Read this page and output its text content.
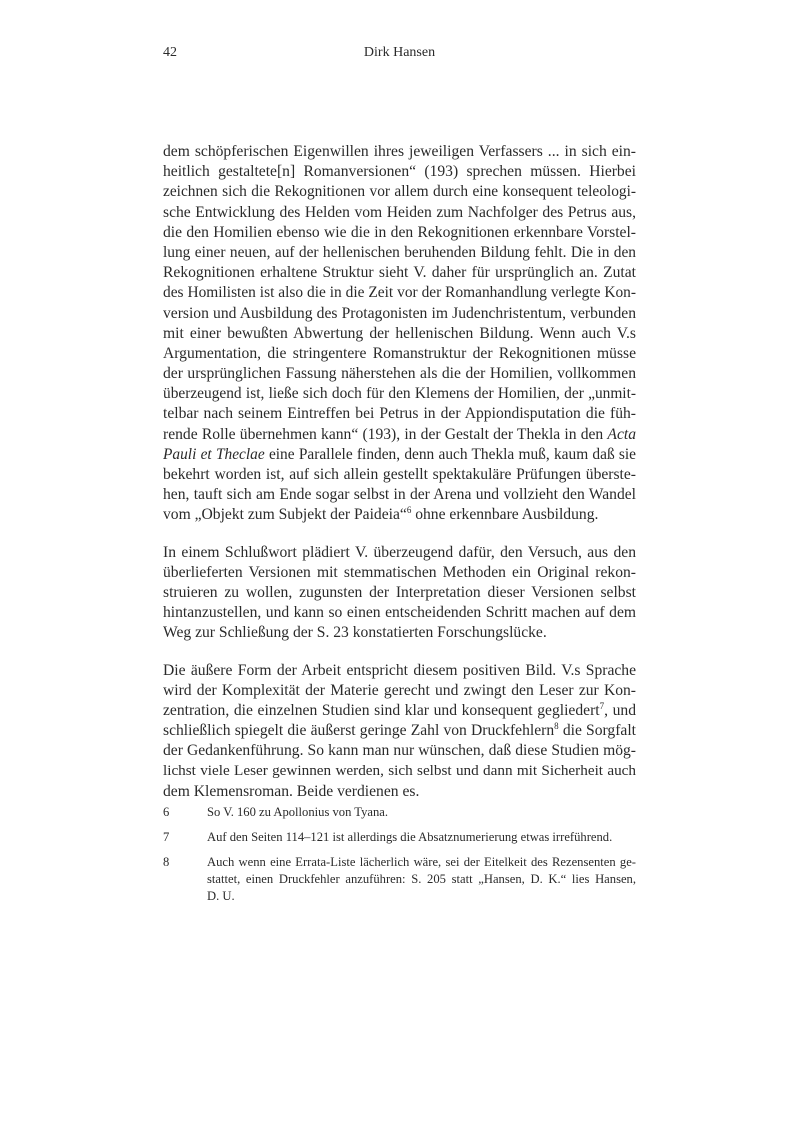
42	Dirk Hansen
dem schöpferischen Eigenwillen ihres jeweiligen Verfassers ... in sich ein-
heitlich gestaltete[n] Romanversionen“ (193) sprechen müssen. Hierbei
zeichnen sich die Rekognitionen vor allem durch eine konsequent teleologi-
sche Entwicklung des Helden vom Heiden zum Nachfolger des Petrus aus,
die den Homilien ebenso wie die in den Rekognitionen erkennbare Vorstel-
lung einer neuen, auf der hellenischen beruhenden Bildung fehlt. Die in den
Rekognitionen erhaltene Struktur sieht V. daher für ursprünglich an. Zutat
des Homilisten ist also die in die Zeit vor der Romanhandlung verlegte Kon-
version und Ausbildung des Protagonisten im Judenchristentum, verbunden
mit einer bewußten Abwertung der hellenischen Bildung. Wenn auch V.s
Argumentation, die stringentere Romanstruktur der Rekognitionen müsse
der ursprünglichen Fassung näherstehen als die der Homilien, vollkommen
überzeugend ist, ließe sich doch für den Klemens der Homilien, der „unmit-
telbar nach seinem Eintreffen bei Petrus in der Appiondisputation die füh-
rende Rolle übernehmen kann“ (193), in der Gestalt der Thekla in den Acta
Pauli et Theclae eine Parallele finden, denn auch Thekla muß, kaum daß sie
bekehrt worden ist, auf sich allein gestellt spektakuläre Prüfungen überste-
hen, tauft sich am Ende sogar selbst in der Arena und vollzieht den Wandel
vom „Objekt zum Subjekt der Paideia“$^6$ ohne erkennbare Ausbildung.
In einem Schlußwort plädiert V. überzeugend dafür, den Versuch, aus den
überlieferten Versionen mit stemmatischen Methoden ein Original rekon-
struieren zu wollen, zugunsten der Interpretation dieser Versionen selbst
hintanzustellen, und kann so einen entscheidenden Schritt machen auf dem
Weg zur Schließung der S. 23 konstatierten Forschungslücke.
Die äußere Form der Arbeit entspricht diesem positiven Bild. V.s Sprache
wird der Komplexität der Materie gerecht und zwingt den Leser zur Kon-
zentration, die einzelnen Studien sind klar und konsequent gegliedert$^7$, und
schließlich spiegelt die äußerst geringe Zahl von Druckfehlern$^8$ die Sorgfalt
der Gedankenführung. So kann man nur wünschen, daß diese Studien mög-
lichst viele Leser gewinnen werden, sich selbst und dann mit Sicherheit auch
dem Klemensroman. Beide verdienen es.
6	So V. 160 zu Apollonius von Tyana.
7	Auf den Seiten 114–121 ist allerdings die Absatznumerierung etwas irreführend.
8	Auch wenn eine Errata-Liste lächerlich wäre, sei der Eitelkeit des Rezensenten ge-
stattet, einen Druckfehler anzuführen: S. 205 statt „Hansen, D. K.“ lies Hansen,
D. U.
